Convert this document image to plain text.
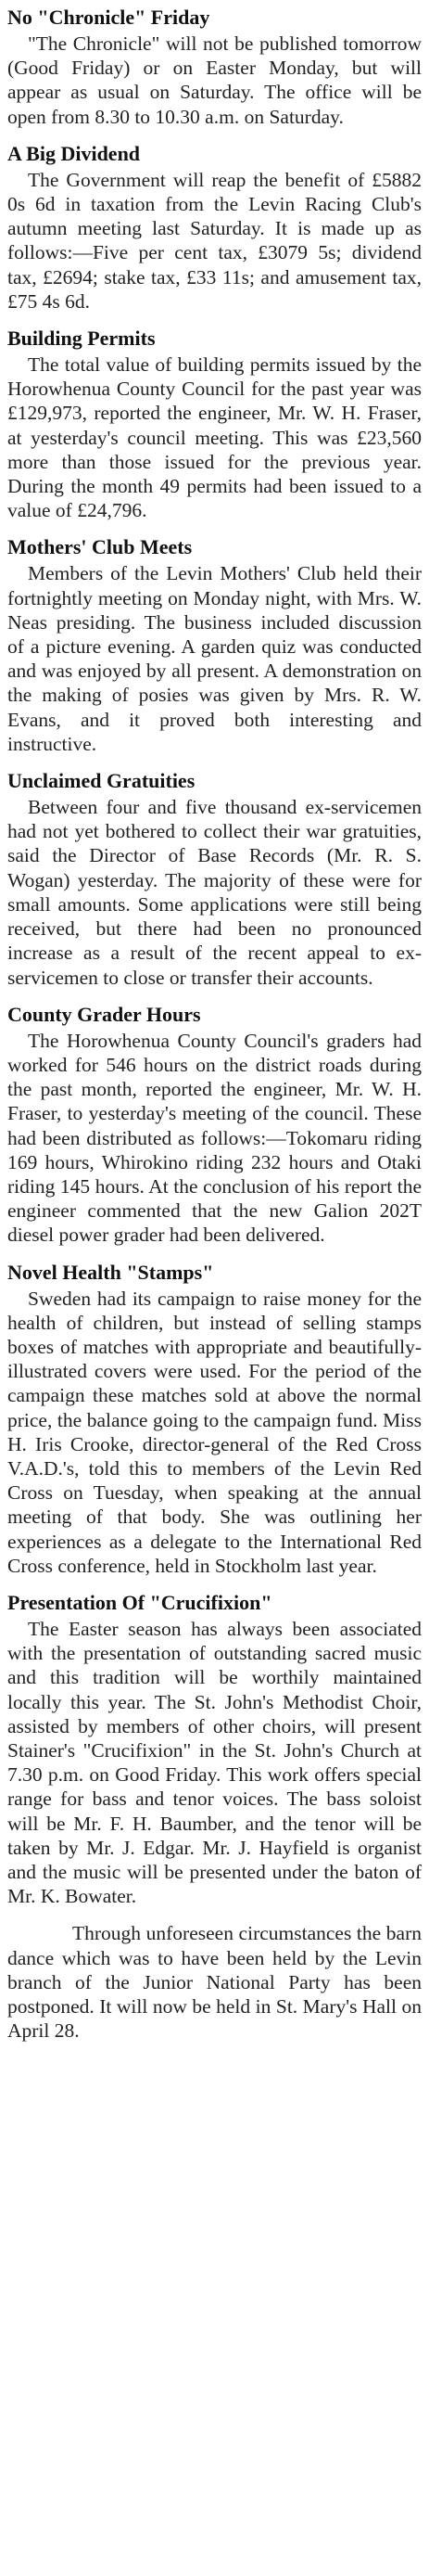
No "Chronicle" Friday

"The Chronicle" will not be published tomorrow (Good Friday) or on Easter Monday, but will appear as usual on Saturday. The office will be open from 8.30 to 10.30 a.m. on Saturday.

A Big Dividend

The Government will reap the benefit of £5882 0s 6d in taxation from the Levin Racing Club's autumn meeting last Saturday. It is made up as follows:—Five per cent tax, £3079 5s; dividend tax, £2694; stake tax, £33 11s; and amusement tax, £75 4s 6d.

Building Permits

The total value of building permits issued by the Horowhenua County Council for the past year was £129,973, reported the engineer, Mr. W. H. Fraser, at yesterday's council meeting. This was £23,560 more than those issued for the previous year. During the month 49 permits had been issued to a value of £24,796.

Mothers' Club Meets

Members of the Levin Mothers' Club held their fortnightly meeting on Monday night, with Mrs. W. Neas presiding. The business included discussion of a picture evening. A garden quiz was conducted and was enjoyed by all present. A demonstration on the making of posies was given by Mrs. R. W. Evans, and it proved both interesting and instructive.

Unclaimed Gratuities

Between four and five thousand ex-servicemen had not yet bothered to collect their war gratuities, said the Director of Base Records (Mr. R. S. Wogan) yesterday. The majority of these were for small amounts. Some applications were still being received, but there had been no pronounced increase as a result of the recent appeal to ex-servicemen to close or transfer their accounts.

County Grader Hours

The Horowhenua County Council's graders had worked for 546 hours on the district roads during the past month, reported the engineer, Mr. W. H. Fraser, to yesterday's meeting of the council. These had been distributed as follows:—Tokomaru riding 169 hours, Whirokino riding 232 hours and Otaki riding 145 hours. At the conclusion of his report the engineer commented that the new Galion 202T diesel power grader had been delivered.

Novel Health "Stamps"

Sweden had its campaign to raise money for the health of children, but instead of selling stamps boxes of matches with appropriate and beautifully-illustrated covers were used. For the period of the campaign these matches sold at above the normal price, the balance going to the campaign fund. Miss H. Iris Crooke, director-general of the Red Cross V.A.D.'s, told this to members of the Levin Red Cross on Tuesday, when speaking at the annual meeting of that body. She was outlining her experiences as a delegate to the International Red Cross conference, held in Stockholm last year.

Presentation Of "Crucifixion"

The Easter season has always been associated with the presentation of outstanding sacred music and this tradition will be worthily maintained locally this year. The St. John's Methodist Choir, assisted by members of other choirs, will present Stainer's "Crucifixion" in the St. John's Church at 7.30 p.m. on Good Friday. This work offers special range for bass and tenor voices. The bass soloist will be Mr. F. H. Baumber, and the tenor will be taken by Mr. J. Edgar. Mr. J. Hayfield is organist and the music will be presented under the baton of Mr. K. Bowater.

Through unforeseen circumstances the barn dance which was to have been held by the Levin branch of the Junior National Party has been postponed. It will now be held in St. Mary's Hall on April 28.
